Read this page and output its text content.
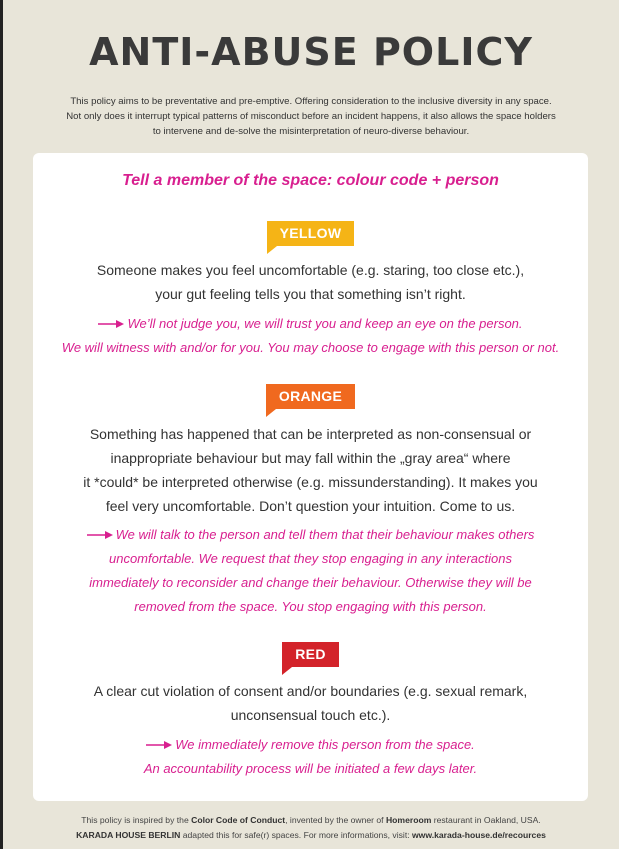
ANTI-ABUSE POLICY
This policy aims to be preventative and pre-emptive. Offering consideration to the inclusive diversity in any space.
Not only does it interrupt typical patterns of misconduct before an incident happens, it also allows the space holders
to intervene and de-solve the misinterpretation of neuro-diverse behaviour.
Tell a member of the space: colour code + person
YELLOW
Someone makes you feel uncomfortable (e.g. staring, too close etc.),
your gut feeling tells you that something isn’t right.
We’ll not judge you, we will trust you and keep an eye on the person.
We will witness with and/or for you. You may choose to engage with this person or not.
ORANGE
Something has happened that can be interpreted as non-consensual or
inappropriate behaviour but may fall within the „gray area“ where
it *could* be interpreted otherwise (e.g. missunderstanding). It makes you
feel very uncomfortable. Don’t question your intuition. Come to us.
We will talk to the person and tell them that their behaviour makes others
uncomfortable. We request that they stop engaging in any interactions
immediately to reconsider and change their behaviour. Otherwise they will be
removed from the space. You stop engaging with this person.
RED
A clear cut violation of consent and/or boundaries (e.g. sexual remark,
unconsensual touch etc.).
We immediately remove this person from the space.
An accountability process will be initiated a few days later.
This policy is inspired by the Color Code of Conduct, invented by the owner of Homeroom restaurant in Oakland, USA.
KARADA HOUSE BERLIN adapted this for safe(r) spaces. For more informations, visit: www.karada-house.de/recources
